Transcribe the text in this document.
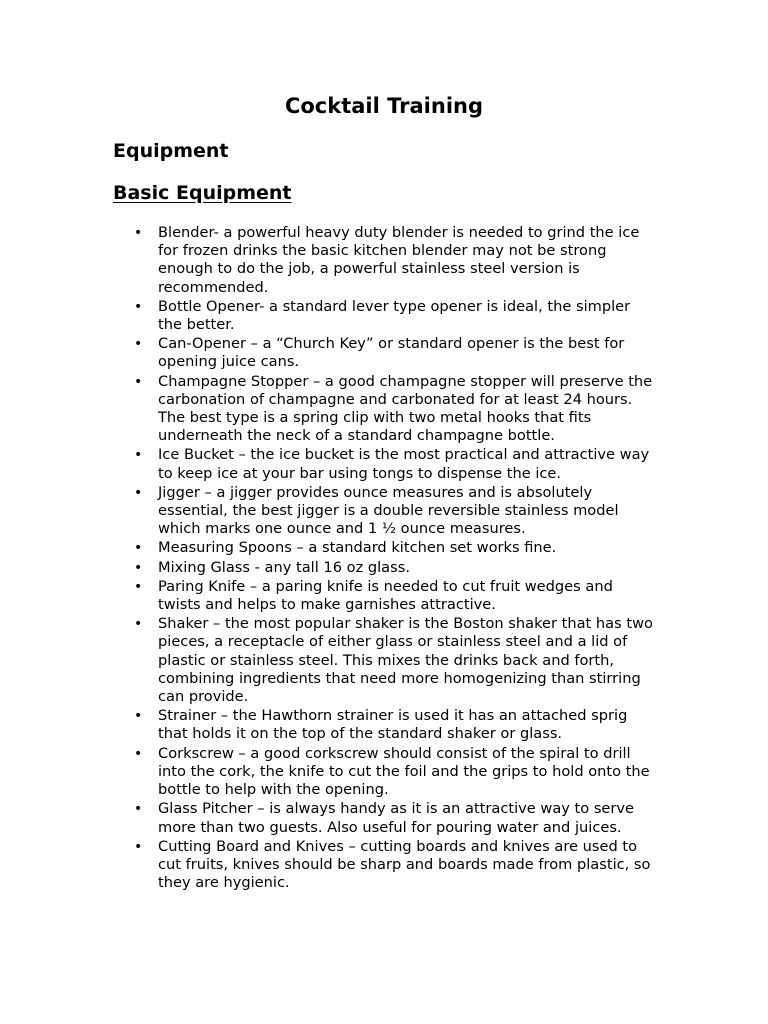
Cocktail Training
Equipment
Basic Equipment
• Blender- a powerful heavy duty blender is needed to grind the ice for frozen drinks the basic kitchen blender may not be strong enough to do the job, a powerful stainless steel version is recommended.
• Bottle Opener- a standard lever type opener is ideal, the simpler the better.
• Can-Opener – a “Church Key” or standard opener is the best for opening juice cans.
• Champagne Stopper – a good champagne stopper will preserve the carbonation of champagne and carbonated for at least 24 hours. The best type is a spring clip with two metal hooks that fits underneath the neck of a standard champagne bottle.
• Ice Bucket – the ice bucket is the most practical and attractive way to keep ice at your bar using tongs to dispense the ice.
• Jigger – a jigger provides ounce measures and is absolutely essential, the best jigger is a double reversible stainless model which marks one ounce and 1 ½ ounce measures.
• Measuring Spoons – a standard kitchen set works fine.
• Mixing Glass - any tall 16 oz glass.
• Paring Knife – a paring knife is needed to cut fruit wedges and twists and helps to make garnishes attractive.
• Shaker – the most popular shaker is the Boston shaker that has two pieces, a receptacle of either glass or stainless steel and a lid of plastic or stainless steel. This mixes the drinks back and forth, combining ingredients that need more homogenizing than stirring can provide.
• Strainer – the Hawthorn strainer is used it has an attached sprig that holds it on the top of the standard shaker or glass.
• Corkscrew – a good corkscrew should consist of the spiral to drill into the cork, the knife to cut the foil and the grips to hold onto the bottle to help with the opening.
• Glass Pitcher – is always handy as it is an attractive way to serve more than two guests. Also useful for pouring water and juices.
• Cutting Board and Knives – cutting boards and knives are used to cut fruits, knives should be sharp and boards made from plastic, so they are hygienic.
